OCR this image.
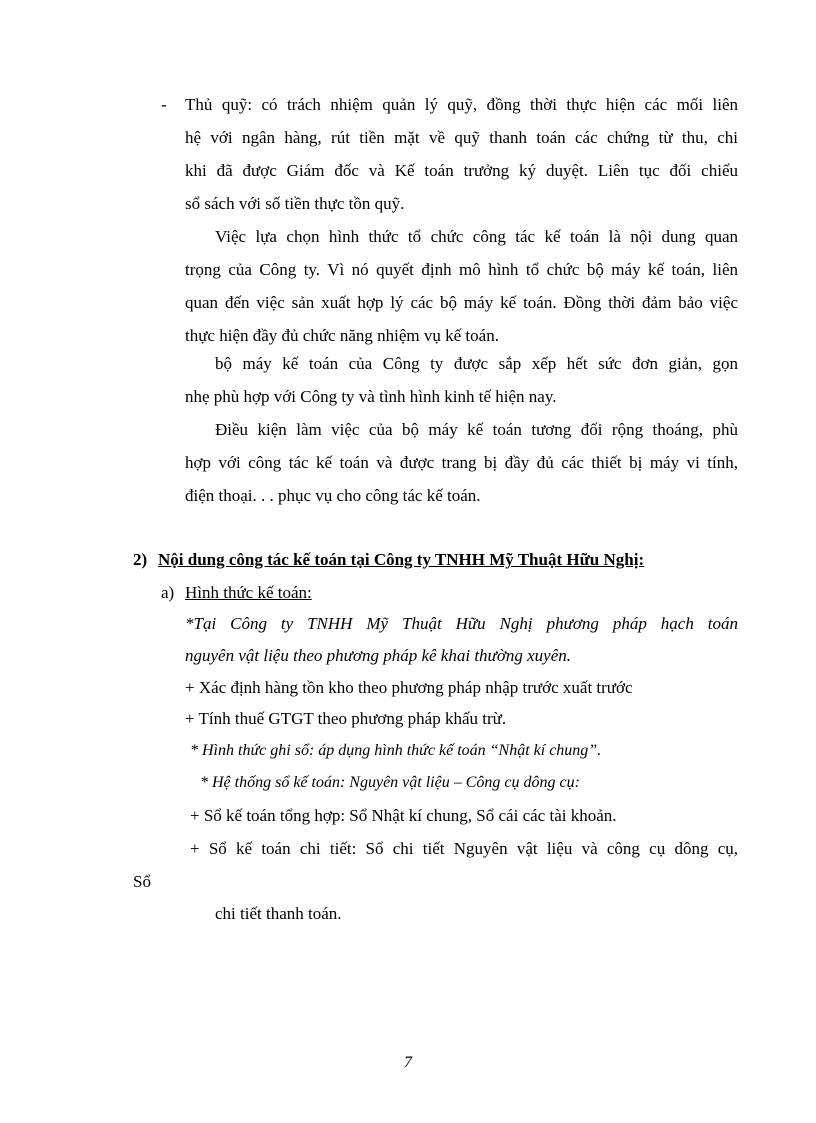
- Thủ quỹ: có trách nhiệm quản lý quỹ, đồng thời thực hiện các mối liên
hệ với ngân hàng, rút tiền mặt về quỹ thanh toán các chứng từ thu, chi
khi đã được Giám đốc và Kế toán trưởng ký duyệt. Liên tục đối chiếu
sổ sách với số tiền thực tồn quỹ.
Việc lựa chọn hình thức tổ chức công tác kế toán là nội dung quan
trọng của Công ty. Vì nó quyết định mô hình tổ chức bộ máy kế toán, liên
quan đến việc sản xuất hợp lý các bộ máy kế toán. Đồng thời đảm bảo việc
thực hiện đầy đủ chức năng nhiệm vụ kế toán.
bộ máy kế toán của Công ty được sắp xếp hết sức đơn giản, gọn
nhẹ phù hợp với Công ty và tình hình kinh tế hiện nay.
Điều kiện làm việc của bộ máy kế toán tương đối rộng thoáng, phù
hợp với công tác kế toán và được trang bị đầy đủ các thiết bị máy vi tính,
điện thoại. . . phục vụ cho công tác kế toán.
2) Nội dung công tác kế toán tại Công ty TNHH Mỹ Thuật Hữu Nghị:
a) Hình thức kế toán:
*Tại Công ty TNHH Mỹ Thuật Hữu Nghị phương pháp hạch toán
nguyên vật liệu theo phương pháp kê khai thường xuyên.
+ Xác định hàng tồn kho theo phương pháp nhập trước xuất trước
+ Tính thuế GTGT theo phương pháp khấu trừ.
* Hình thức ghi sổ: áp dụng hình thức kế toán “Nhật kí chung”.
* Hệ thống sổ kế toán: Nguyên vật liệu – Công cụ dông cụ:
+ Sổ kế toán tổng hợp: Sổ Nhật kí chung, Sổ cái các tài khoản.
+ Sổ kế toán chi tiết: Sổ chi tiết Nguyên vật liệu và công cụ dông cụ,
Sổ
chi tiết thanh toán.
7
